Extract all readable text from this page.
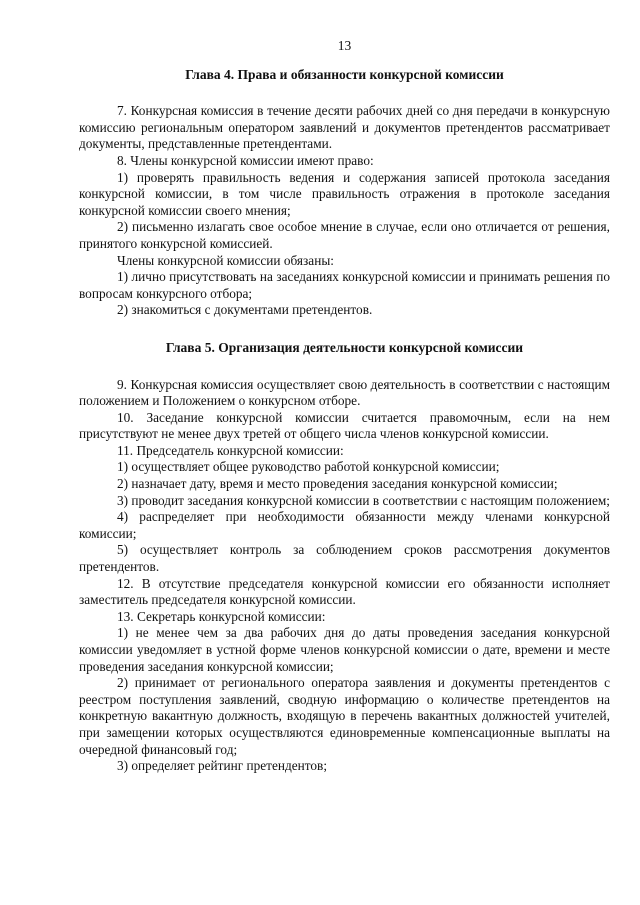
13
Глава 4. Права и обязанности конкурсной комиссии

7. Конкурсная комиссия в течение десяти рабочих дней со дня передачи в конкурсную комиссию региональным оператором заявлений и документов претендентов рассматривает документы, представленные претендентами.

8. Члены конкурсной комиссии имеют право:

1) проверять правильность ведения и содержания записей протокола заседания конкурсной комиссии, в том числе правильность отражения в протоколе заседания конкурсной комиссии своего мнения;

2) письменно излагать свое особое мнение в случае, если оно отличается от решения, принятого конкурсной комиссией.

Члены конкурсной комиссии обязаны:

1) лично присутствовать на заседаниях конкурсной комиссии и принимать решения по вопросам конкурсного отбора;

2) знакомиться с документами претендентов.

Глава 5. Организация деятельности конкурсной комиссии

9. Конкурсная комиссия осуществляет свою деятельность в соответствии с настоящим положением и Положением о конкурсном отборе.

10. Заседание конкурсной комиссии считается правомочным, если на нем присутствуют не менее двух третей от общего числа членов конкурсной комиссии.

11. Председатель конкурсной комиссии:

1) осуществляет общее руководство работой конкурсной комиссии;

2) назначает дату, время и место проведения заседания конкурсной комиссии;

3) проводит заседания конкурсной комиссии в соответствии с настоящим положением;

4) распределяет при необходимости обязанности между членами конкурсной комиссии;

5) осуществляет контроль за соблюдением сроков рассмотрения документов претендентов.

12. В отсутствие председателя конкурсной комиссии его обязанности исполняет заместитель председателя конкурсной комиссии.

13. Секретарь конкурсной комиссии:

1) не менее чем за два рабочих дня до даты проведения заседания конкурсной комиссии уведомляет в устной форме членов конкурсной комиссии о дате, времени и месте проведения заседания конкурсной комиссии;

2) принимает от регионального оператора заявления и документы претендентов с реестром поступления заявлений, сводную информацию о количестве претендентов на конкретную вакантную должность, входящую в перечень вакантных должностей учителей, при замещении которых осуществляются единовременные компенсационные выплаты на очередной финансовый год;

3) определяет рейтинг претендентов;
